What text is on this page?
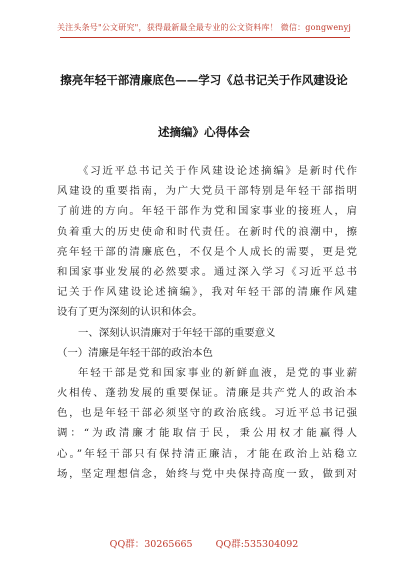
关注头条号"公文研究"，获得最新最全最专业的公文资料库！ 微信：gongwenyj
擦亮年轻干部清廉底色——学习《总书记关于作风建设论
述摘编》心得体会
《习近平总书记关于作风建设论述摘编》是新时代作
风建设的重要指南，为广大党员干部特别是年轻干部指明
了前进的方向。年轻干部作为党和国家事业的接班人，肩
负着重大的历史使命和时代责任。在新时代的浪潮中，擦
亮年轻干部的清廉底色，不仅是个人成长的需要，更是党
和国家事业发展的必然要求。通过深入学习《习近平总书
记关于作风建设论述摘编》，我对年轻干部的清廉作风建
设有了更为深刻的认识和体会。
一、深刻认识清廉对于年轻干部的重要意义
（一）清廉是年轻干部的政治本色
年轻干部是党和国家事业的新鲜血液，是党的事业薪
火相传、蓬勃发展的重要保证。清廉是共产党人的政治本
色，也是年轻干部必须坚守的政治底线。习近平总书记强
调：“为政清廉才能取信于民，秉公用权才能赢得人
心。”年轻干部只有保持清正廉洁，才能在政治上站稳立
场，坚定理想信念，始终与党中央保持高度一致，做到对
QQ群：30265665 QQ群:535304092
